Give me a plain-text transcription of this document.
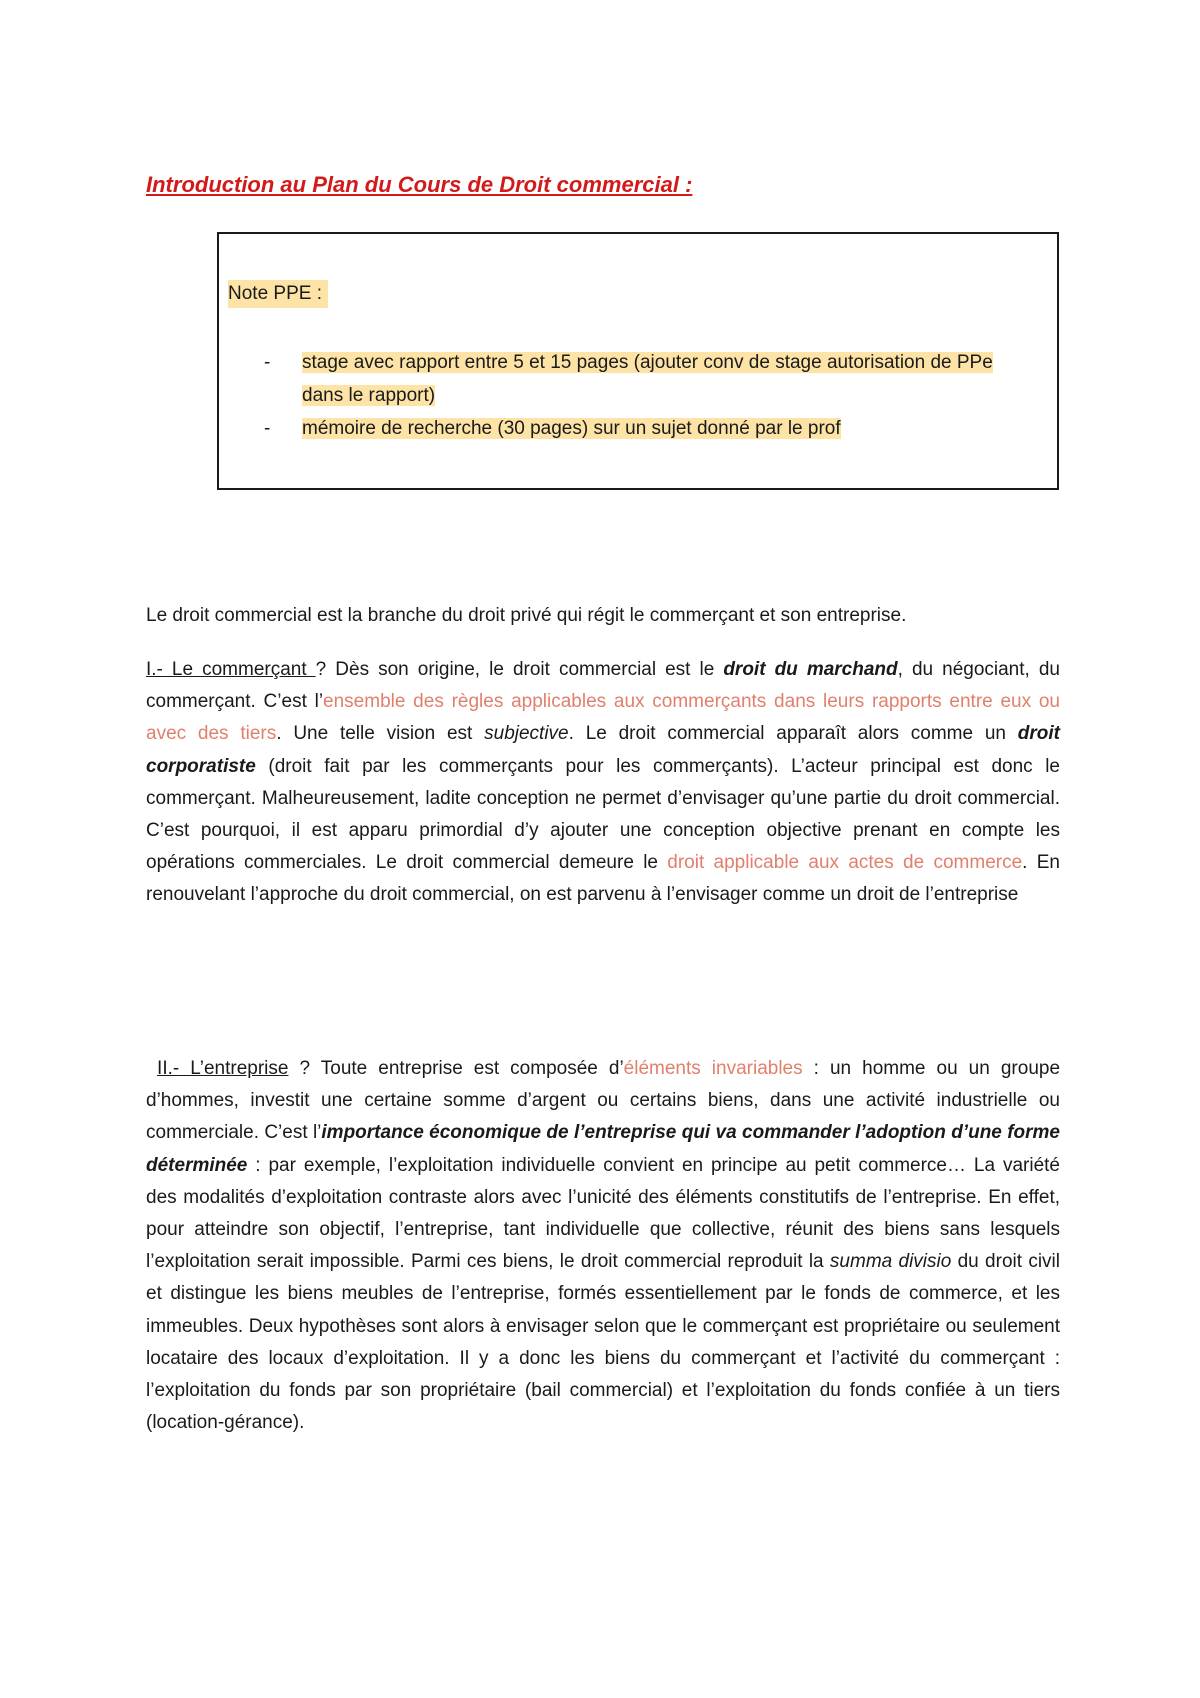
Introduction au Plan du Cours de Droit commercial :
Note PPE :
- stage avec rapport entre 5 et 15 pages (ajouter conv de stage autorisation de PPe dans le rapport)
- mémoire de recherche (30 pages) sur un sujet donné par le prof

Le droit commercial est la branche du droit privé qui régit le commerçant et son entreprise.

I.- Le commerçant ? Dès son origine, le droit commercial est le droit du marchand, du négociant, du commerçant. C’est l’ensemble des règles applicables aux commerçants dans leurs rapports entre eux ou avec des tiers. Une telle vision est subjective. Le droit commercial apparaît alors comme un droit corporatiste (droit fait par les commerçants pour les commerçants). L’acteur principal est donc le commerçant. Malheureusement, ladite conception ne permet d’envisager qu’une partie du droit commercial. C’est pourquoi, il est apparu primordial d’y ajouter une conception objective prenant en compte les opérations commerciales. Le droit commercial demeure le droit applicable aux actes de commerce. En renouvelant l’approche du droit commercial, on est parvenu à l’envisager comme un droit de l’entreprise

II.- L’entreprise ? Toute entreprise est composée d’éléments invariables : un homme ou un groupe d’hommes, investit une certaine somme d’argent ou certains biens, dans une activité industrielle ou commerciale. C’est l’importance économique de l’entreprise qui va commander l’adoption d’une forme déterminée : par exemple, l’exploitation individuelle convient en principe au petit commerce… La variété des modalités d’exploitation contraste alors avec l’unicité des éléments constitutifs de l’entreprise. En effet, pour atteindre son objectif, l’entreprise, tant individuelle que collective, réunit des biens sans lesquels l’exploitation serait impossible. Parmi ces biens, le droit commercial reproduit la summa divisio du droit civil et distingue les biens meubles de l’entreprise, formés essentiellement par le fonds de commerce, et les immeubles. Deux hypothèses sont alors à envisager selon que le commerçant est propriétaire ou seulement locataire des locaux d’exploitation. Il y a donc les biens du commerçant et l’activité du commerçant : l’exploitation du fonds par son propriétaire (bail commercial) et l’exploitation du fonds confiée à un tiers (location-gérance).
